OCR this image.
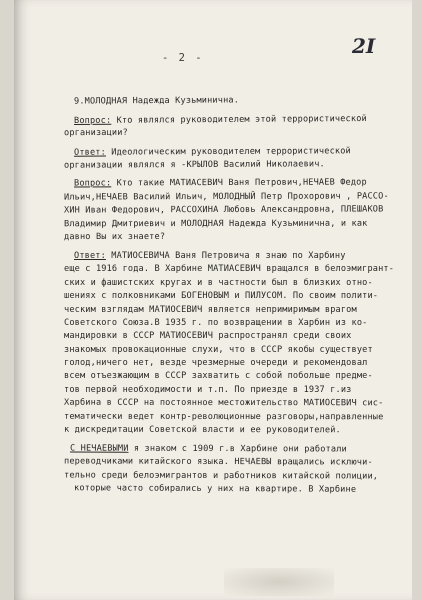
- 2 -	2I
9.МОЛОДНАЯ Надежда Кузьминична.
Вопрос: Кто являлся руководителем этой террористической
организации?
Ответ: Идеологическим руководителем террористической
организации являлся я -КРЫЛОВ Василий Николаевич.
Вопрос: Кто такие МАТИАСЕВИЧ Ваня Петрович,НЕЧАЕВ Федор
Ильич,НЕЧАЕВ Василий Ильич, МОЛОДНЫЙ Петр Прохорович , РАССО-
ХИН Иван Федорович, РАССОХИНА Любовь Александровна, ПЛЕШАКОВ
Владимир Дмитриевич и МОЛОДНАЯ Надежда Кузьминична, и как
давно Вы их знаете?
Ответ: МАТИОСЕВИЧА Ваня Петровича я знаю по Харбину
еще с 1916 года. В Харбине МАТИАСЕВИЧ вращался в белоэмигрант-
ских и фашистских кругах и в частности был в близких отно-
шениях с полковниками БОГЕНОВЫМ и ПИЛУСОМ. По своим полити-
ческим взглядам МАТИОСЕВИЧ является непримиримым врагом
Советского Союза.В 1935 г. по возвращении в Харбин из ко-
мандировки в СССР МАТИОСЕВИЧ распространял среди своих
знакомых провокационные слухи, что в СССР якобы существует
голод,ничего нет, везде чрезмерные очереди и рекомендовал
всем отъезжающим в СССР захватить с собой побольше предме-
тов первой необходимости и т.п. По приезде в 1937 г.из
Харбина в СССР на постоянное местожительство МАТИОСЕВИЧ сис-
тематически ведет контр-революционные разговоры,направленные
к дискредитации Советской власти и ее руководителей.
С НЕЧАЕВЫМИ я знаком с 1909 г.в Харбине они работали
переводчиками китайского языка. НЕЧАЕВЫ вращались исключи-
тельно среди белоэмигрантов и работников китайской полиции,
которые часто собирались у них на квартире. В Харбине
